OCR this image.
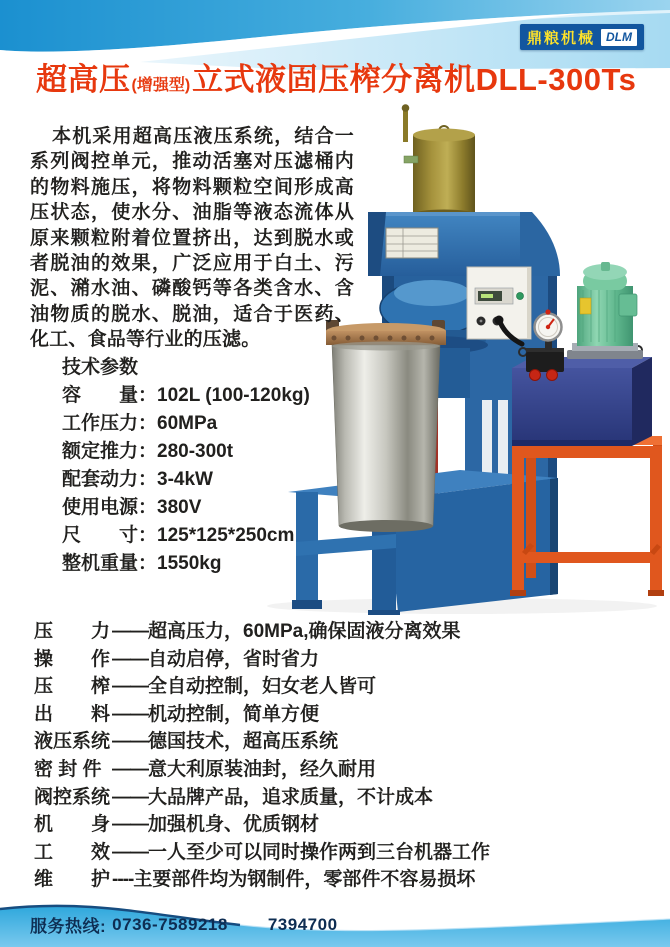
鼎粮机械 DLM
超高压 (增强型) 立式液固压榨分离机DLL-300Ts

本机采用超高压液压系统，结合一系列阀控单元，推动活塞对压滤桶内的物料施压，将物料颗粒空间形成高压状态，使水分、油脂等液态流体从原来颗粒附着位置挤出，达到脱水或者脱油的效果，广泛应用于白土、污泥、潲水油、磷酸钙等各类含水、含油物质的脱水、脱油，适合于医药、化工、食品等行业的压滤。

技术参数
容　　量：102L (100-120kg)
工作压力：60MPa
额定推力：280-300t
配套动力：3-4kW
使用电源：380V
尺　　寸：125*125*250cm
整机重量：1550kg
压　　力 —— 超高压力，60MPa,确保固液分离效果
操　　作 —— 自动启停，省时省力
压　　榨 —— 全自动控制，妇女老人皆可
出　　料 —— 机动控制，简单方便
液压系统 —— 德国技术，超高压系统
密 封 件 —— 意大利原装油封，经久耐用
阀控系统 —— 大品牌产品，追求质量，不计成本
机　　身 —— 加强机身、优质钢材
工　　效 —— 一人至少可以同时操作两到三台机器工作
维　　护 ---- 主要部件均为钢制件，零部件不容易损坏
服务热线: 0736-7589218 7394700
